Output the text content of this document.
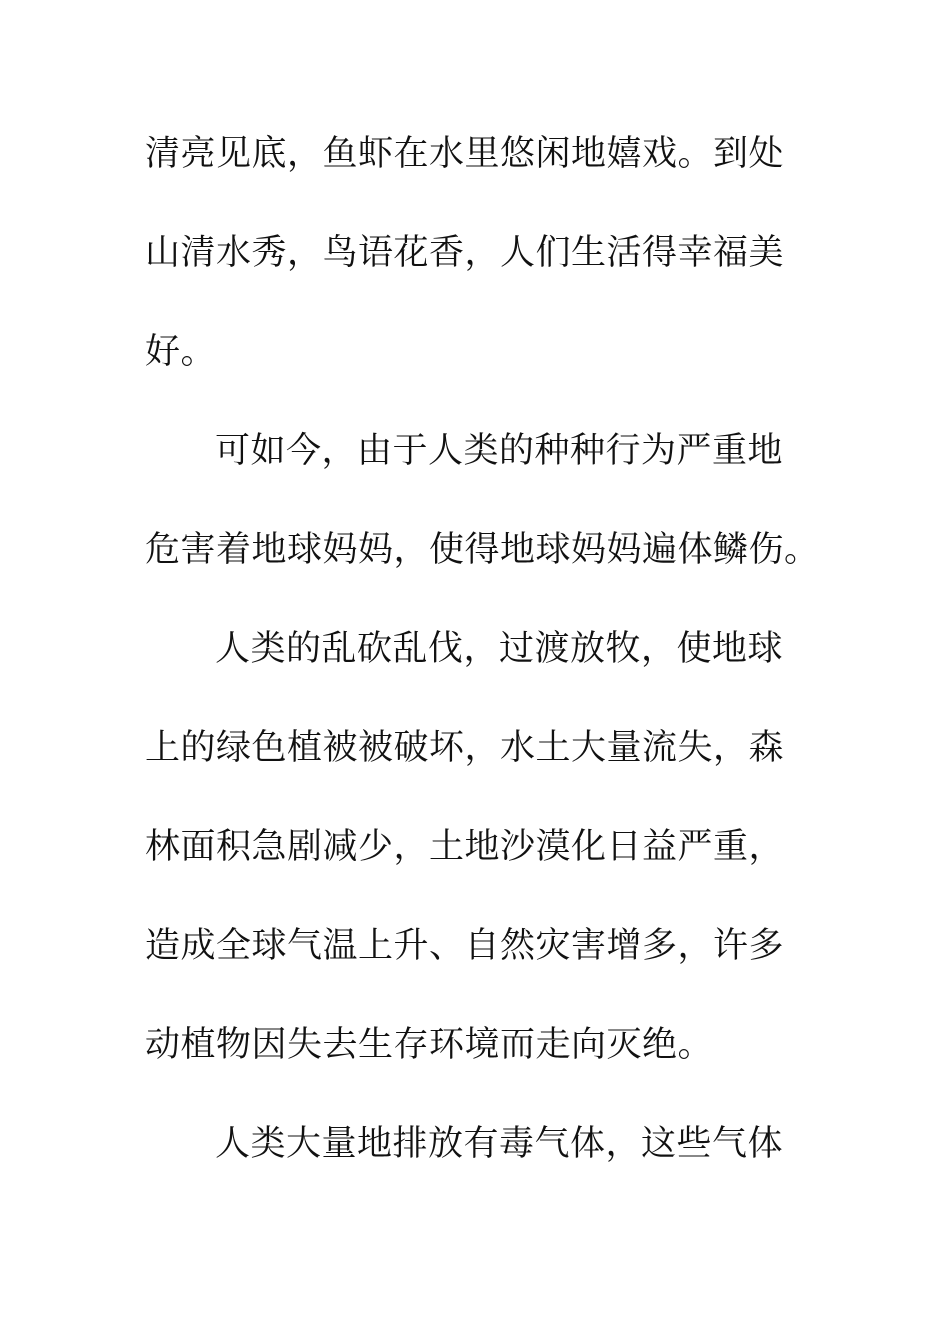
清亮见底，鱼虾在水里悠闲地嬉戏。到处
山清水秀，鸟语花香，人们生活得幸福美
好。
可如今，由于人类的种种行为严重地
危害着地球妈妈，使得地球妈妈遍体鳞伤。
人类的乱砍乱伐，过渡放牧，使地球
上的绿色植被被破坏，水土大量流失，森
林面积急剧减少，土地沙漠化日益严重，
造成全球气温上升、自然灾害增多，许多
动植物因失去生存环境而走向灭绝。
人类大量地排放有毒气体，这些气体
